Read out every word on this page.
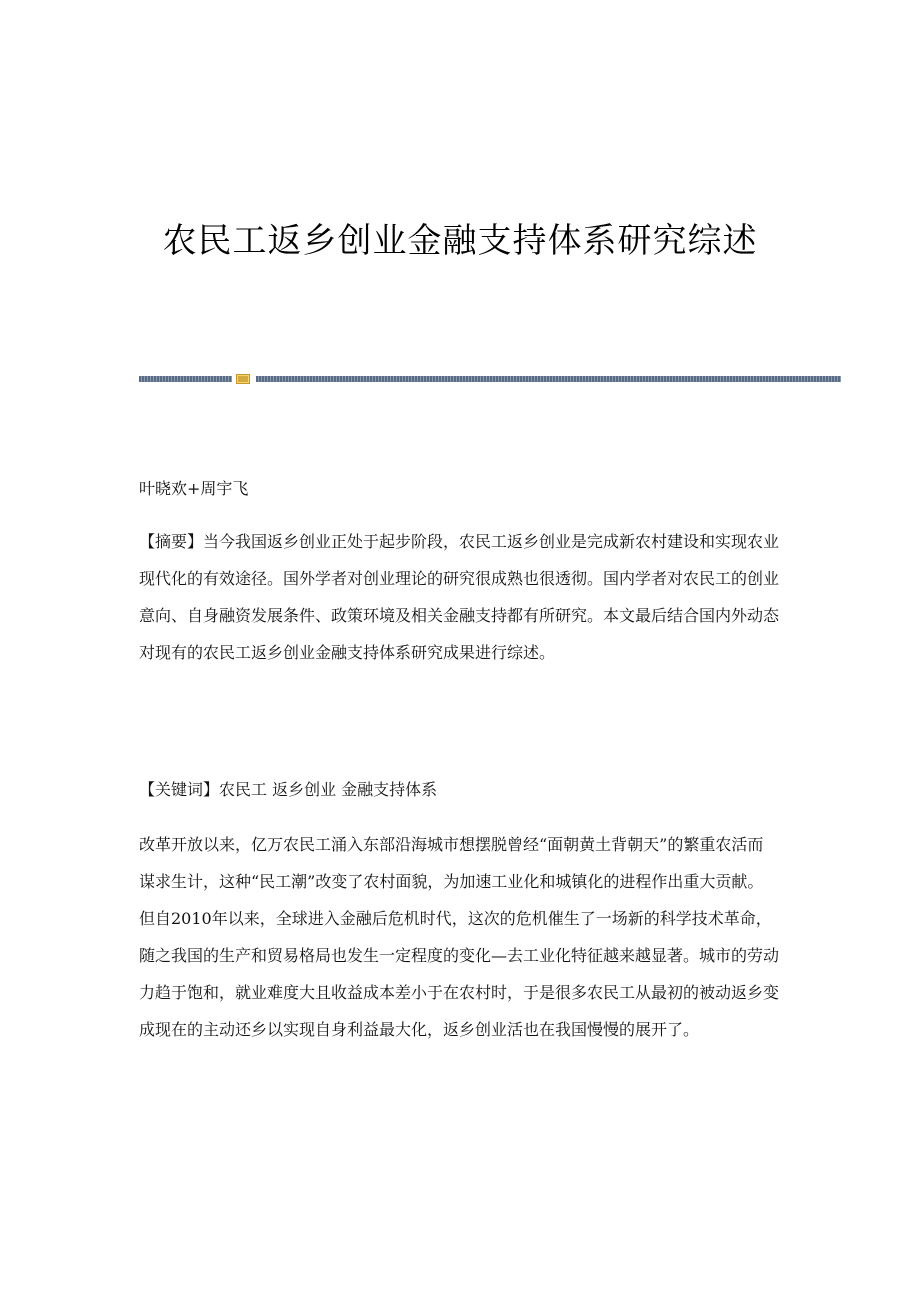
农民工返乡创业金融支持体系研究综述

叶晓欢+周宇飞

【摘要】当今我国返乡创业正处于起步阶段，农民工返乡创业是完成新农村建设和实现农业现代化的有效途径。国外学者对创业理论的研究很成熟也很透彻。国内学者对农民工的创业意向、自身融资发展条件、政策环境及相关金融支持都有所研究。本文最后结合国内外动态对现有的农民工返乡创业金融支持体系研究成果进行综述。

【关键词】农民工 返乡创业 金融支持体系

改革开放以来，亿万农民工涌入东部沿海城市想摆脱曾经“面朝黄土背朝天”的繁重农活而谋求生计，这种“民工潮”改变了农村面貌，为加速工业化和城镇化的进程作出重大贡献。但自2010年以来，全球进入金融后危机时代，这次的危机催生了一场新的科学技术革命，随之我国的生产和贸易格局也发生一定程度的变化—去工业化特征越来越显著。城市的劳动力趋于饱和，就业难度大且收益成本差小于在农村时，于是很多农民工从最初的被动返乡变成现在的主动还乡以实现自身利益最大化，返乡创业活也在我国慢慢的展开了。
